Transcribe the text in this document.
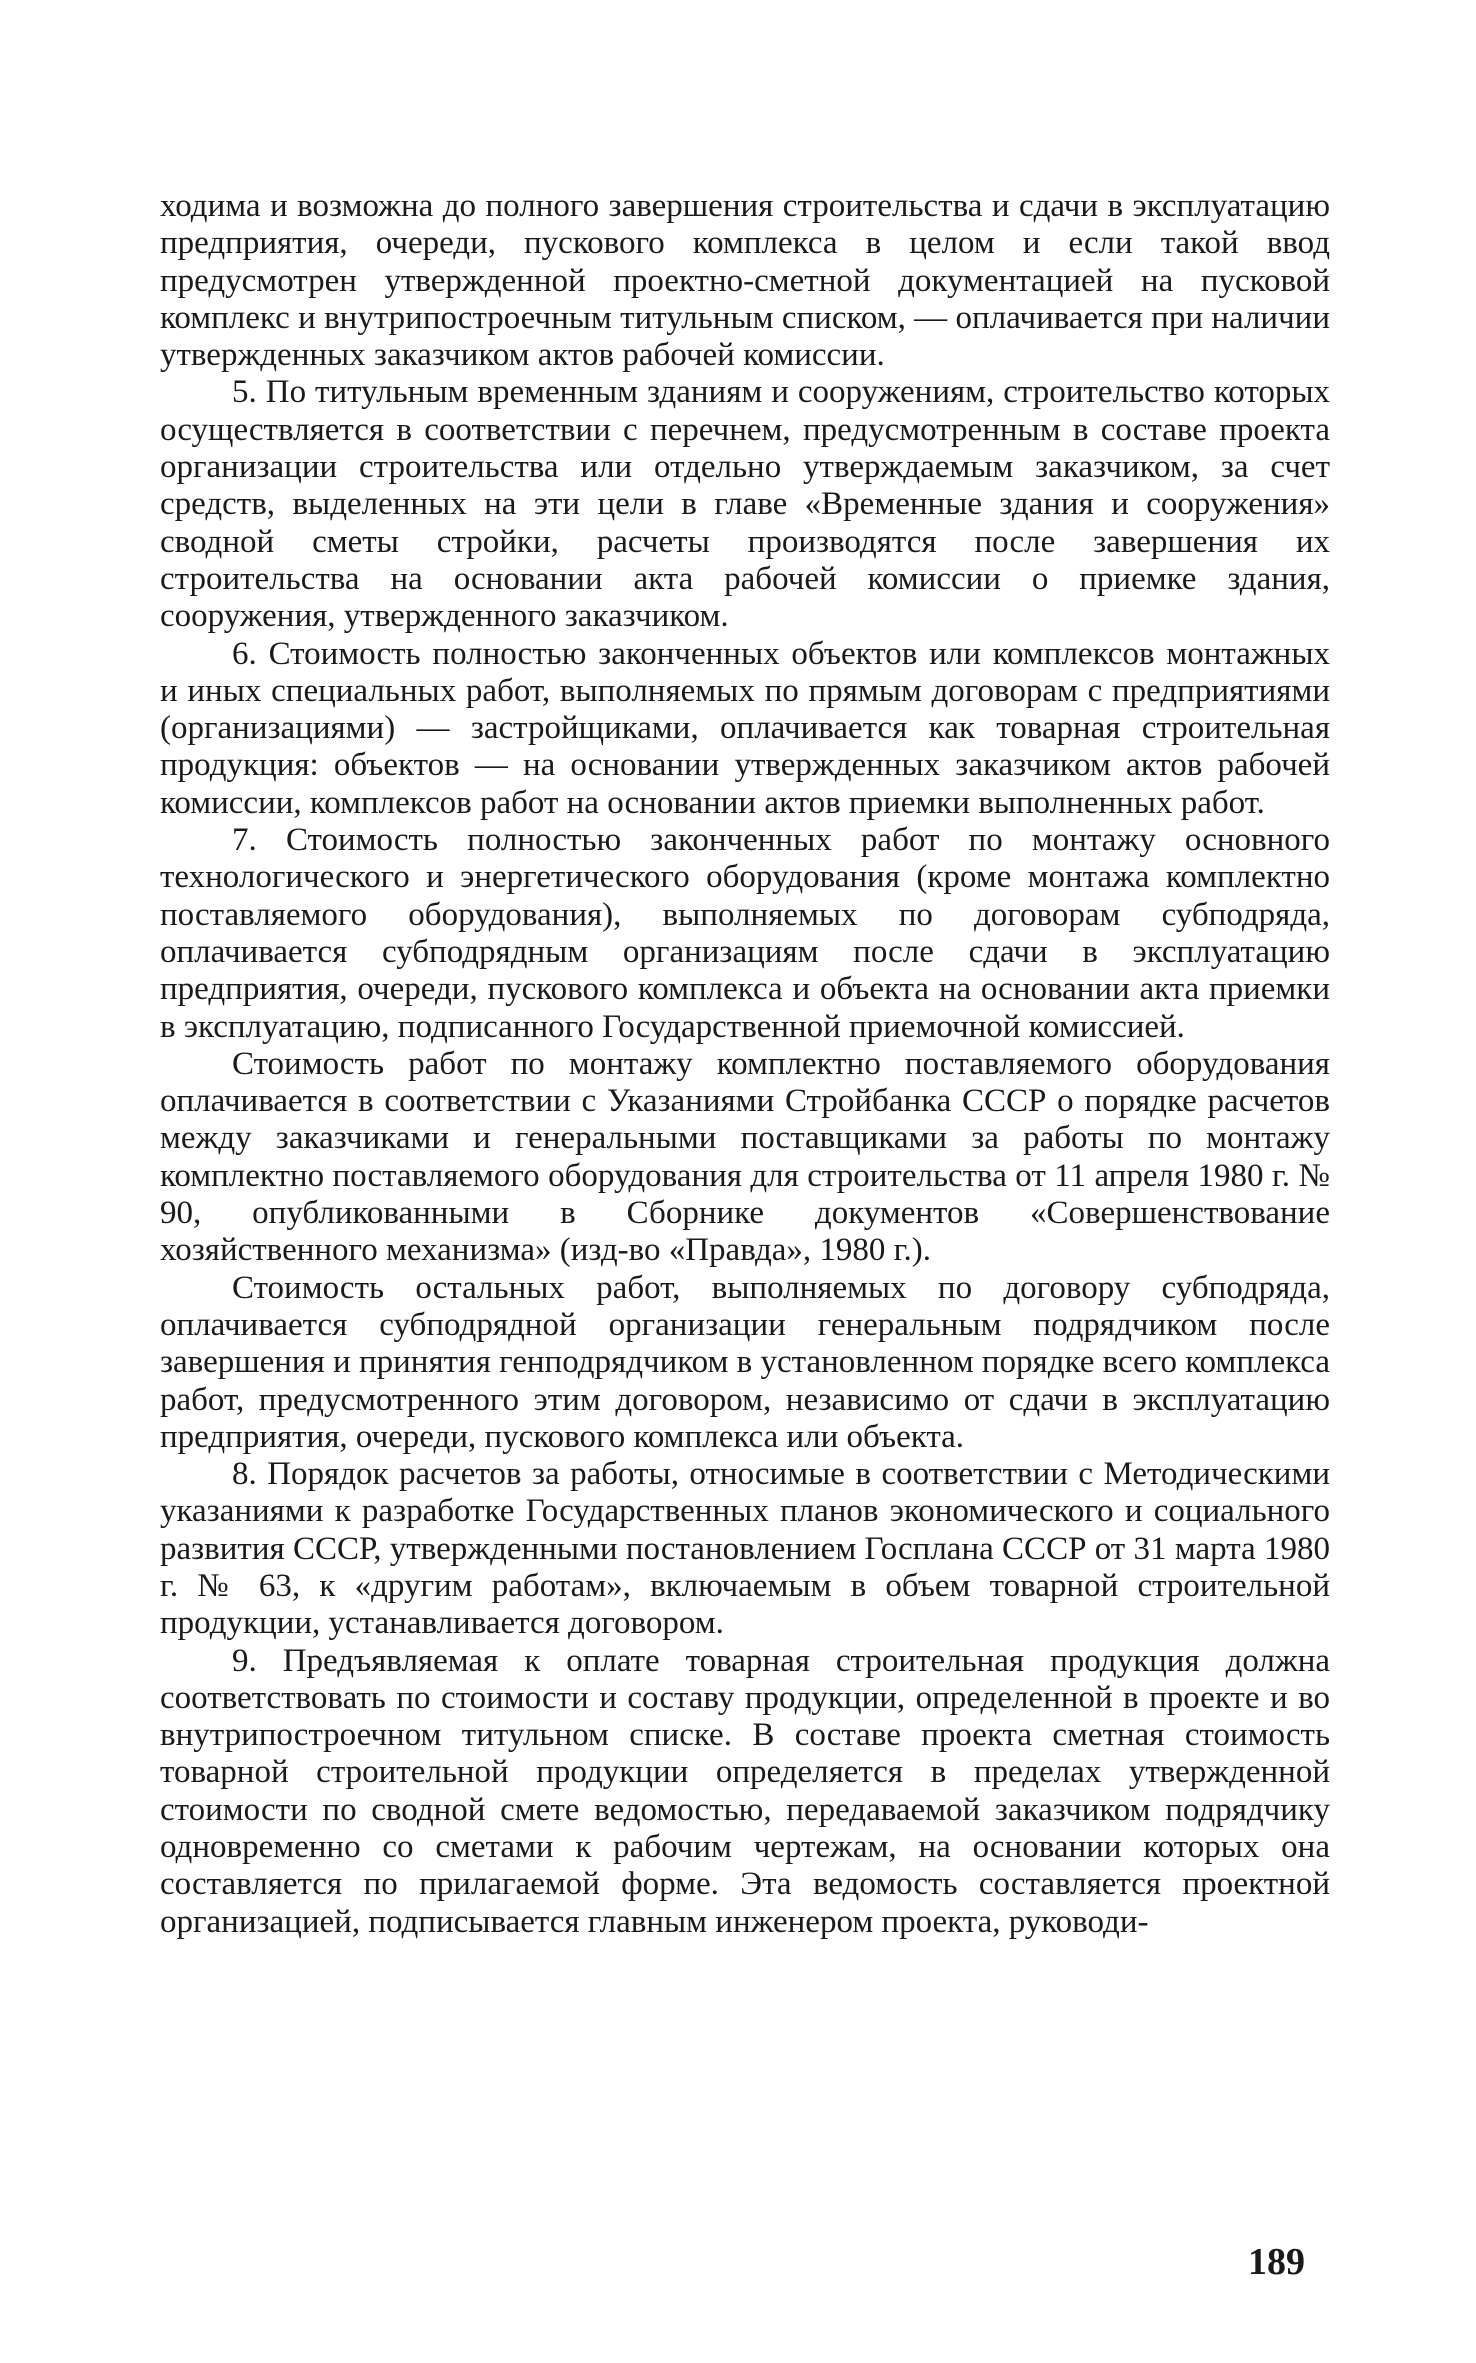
ходима и возможна до полного завершения строительства и сдачи в эксплуатацию предприятия, очереди, пускового комплекса в целом и если такой ввод предусмотрен утвержденной проектно-сметной документацией на пусковой комплекс и внутрипостроечным титульным списком, — оплачивается при наличии утвержденных заказчиком актов рабочей комиссии.

5. По титульным временным зданиям и сооружениям, строительство которых осуществляется в соответствии с перечнем, предусмотренным в составе проекта организации строительства или отдельно утверждаемым заказчиком, за счет средств, выделенных на эти цели в главе «Временные здания и сооружения» сводной сметы стройки, расчеты производятся после завершения их строительства на основании акта рабочей комиссии о приемке здания, сооружения, утвержденного заказчиком.

6. Стоимость полностью законченных объектов или комплексов монтажных и иных специальных работ, выполняемых по прямым договорам с предприятиями (организациями) — застройщиками, оплачивается как товарная строительная продукция: объектов — на основании утвержденных заказчиком актов рабочей комиссии, комплексов работ на основании актов приемки выполненных работ.

7. Стоимость полностью законченных работ по монтажу основного технологического и энергетического оборудования (кроме монтажа комплектно поставляемого оборудования), выполняемых по договорам субподряда, оплачивается субподрядным организациям после сдачи в эксплуатацию предприятия, очереди, пускового комплекса и объекта на основании акта приемки в эксплуатацию, подписанного Государственной приемочной комиссией.

Стоимость работ по монтажу комплектно поставляемого оборудования оплачивается в соответствии с Указаниями Стройбанка СССР о порядке расчетов между заказчиками и генеральными поставщиками за работы по монтажу комплектно поставляемого оборудования для строительства от 11 апреля 1980 г. № 90, опубликованными в Сборнике документов «Совершенствование хозяйственного механизма» (изд-во «Правда», 1980 г.).

Стоимость остальных работ, выполняемых по договору субподряда, оплачивается субподрядной организации генеральным подрядчиком после завершения и принятия генподрядчиком в установленном порядке всего комплекса работ, предусмотренного этим договором, независимо от сдачи в эксплуатацию предприятия, очереди, пускового комплекса или объекта.

8. Порядок расчетов за работы, относимые в соответствии с Методическими указаниями к разработке Государственных планов экономического и социального развития СССР, утвержденными постановлением Госплана СССР от 31 марта 1980 г. № 63, к «другим работам», включаемым в объем товарной строительной продукции, устанавливается договором.

9. Предъявляемая к оплате товарная строительная продукция должна соответствовать по стоимости и составу продукции, определенной в проекте и во внутрипостроечном титульном списке. В составе проекта сметная стоимость товарной строительной продукции определяется в пределах утвержденной стоимости по сводной смете ведомостью, передаваемой заказчиком подрядчику одновременно со сметами к рабочим чертежам, на основании которых она составляется по прилагаемой форме. Эта ведомость составляется проектной организацией, подписывается главным инженером проекта, руководи-

189
